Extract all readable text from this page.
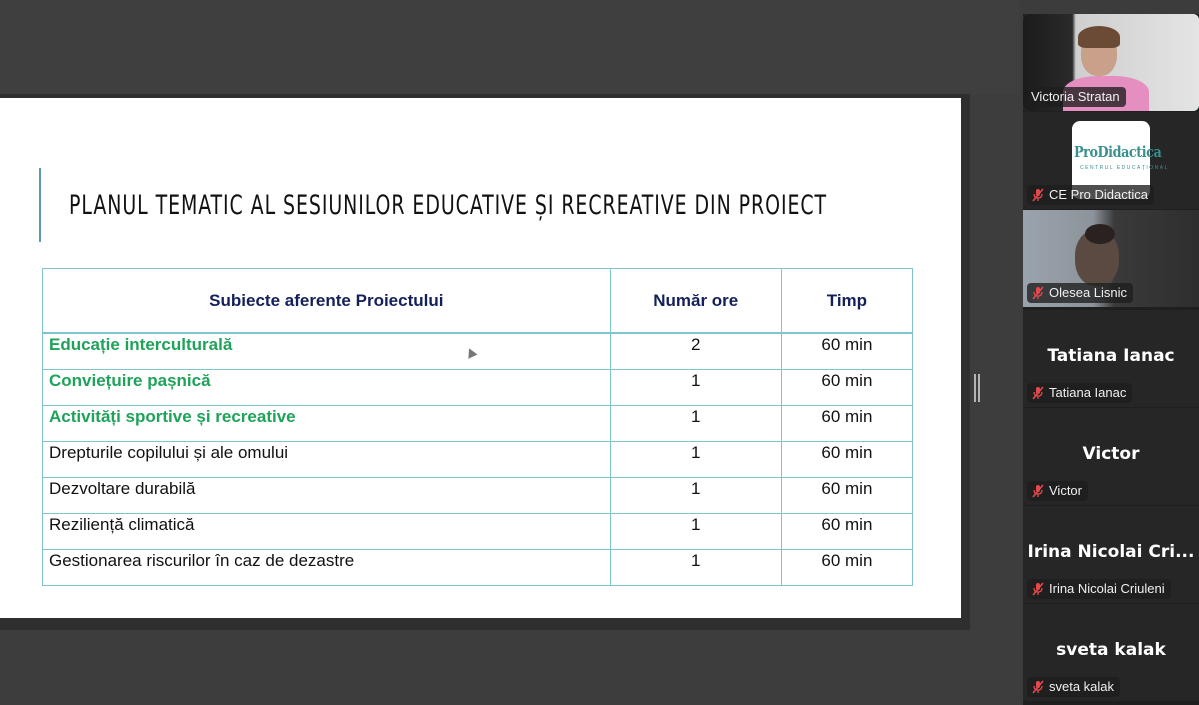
PLANUL TEMATIC AL SESIUNILOR EDUCATIVE ȘI RECREATIVE DIN PROIECT
Subiecte aferente Proiectului	Număr ore	Timp
Educație interculturală	2	60 min
Conviețuire pașnică	1	60 min
Activități sportive și recreative	1	60 min
Drepturile copilului și ale omului	1	60 min
Dezvoltare durabilă	1	60 min
Reziliență climatică	1	60 min
Gestionarea riscurilor în caz de dezastre	1	60 min
Victoria Stratan
ProDidactica
CENTRUL EDUCAȚIONAL
CE Pro Didactica
Olesea Lisnic
Tatiana Ianac
Tatiana Ianac
Victor
Victor
Irina Nicolai Cri...
Irina Nicolai Criuleni
sveta kalak
sveta kalak
